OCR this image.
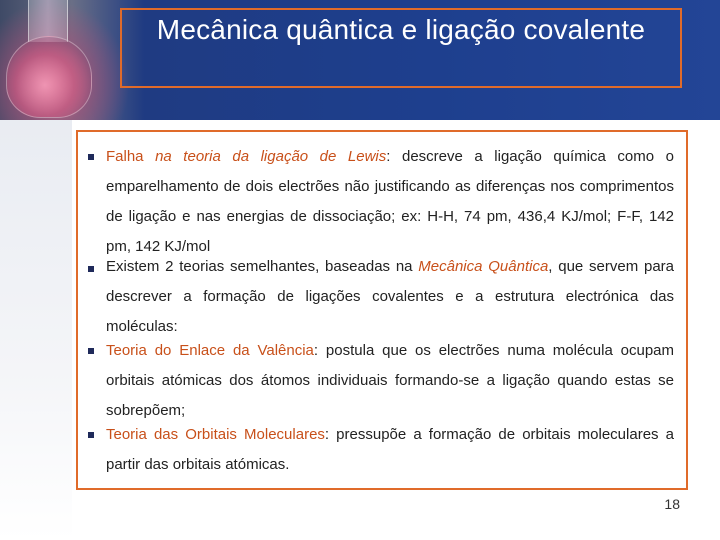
Mecânica quântica e ligação covalente
Falha na teoria da ligação de Lewis: descreve a ligação química como o emparelhamento de dois electrões não justificando as diferenças nos comprimentos de ligação e nas energias de dissociação; ex: H-H, 74 pm, 436,4 KJ/mol; F-F, 142 pm, 142 KJ/mol
Existem 2 teorias semelhantes, baseadas na Mecânica Quântica, que servem para descrever a formação de ligações covalentes e a estrutura electrónica das moléculas:
Teoria do Enlace da Valência: postula que os electrões numa molécula ocupam orbitais atómicas dos átomos individuais formando-se a ligação quando estas se sobrepõem;
Teoria das Orbitais Moleculares: pressupõe a formação de orbitais moleculares a partir das orbitais atómicas.
18
